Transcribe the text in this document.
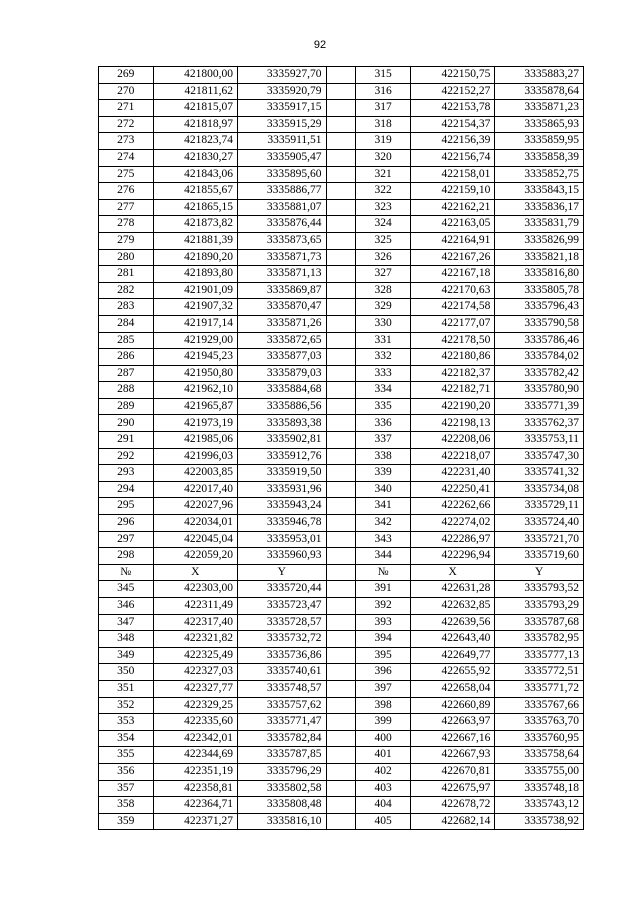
92
269	421800,00	3335927,70		315	422150,75	3335883,27
270	421811,62	3335920,79		316	422152,27	3335878,64
271	421815,07	3335917,15		317	422153,78	3335871,23
272	421818,97	3335915,29		318	422154,37	3335865,93
273	421823,74	3335911,51		319	422156,39	3335859,95
274	421830,27	3335905,47		320	422156,74	3335858,39
275	421843,06	3335895,60		321	422158,01	3335852,75
276	421855,67	3335886,77		322	422159,10	3335843,15
277	421865,15	3335881,07		323	422162,21	3335836,17
278	421873,82	3335876,44		324	422163,05	3335831,79
279	421881,39	3335873,65		325	422164,91	3335826,99
280	421890,20	3335871,73		326	422167,26	3335821,18
281	421893,80	3335871,13		327	422167,18	3335816,80
282	421901,09	3335869,87		328	422170,63	3335805,78
283	421907,32	3335870,47		329	422174,58	3335796,43
284	421917,14	3335871,26		330	422177,07	3335790,58
285	421929,00	3335872,65		331	422178,50	3335786,46
286	421945,23	3335877,03		332	422180,86	3335784,02
287	421950,80	3335879,03		333	422182,37	3335782,42
288	421962,10	3335884,68		334	422182,71	3335780,90
289	421965,87	3335886,56		335	422190,20	3335771,39
290	421973,19	3335893,38		336	422198,13	3335762,37
291	421985,06	3335902,81		337	422208,06	3335753,11
292	421996,03	3335912,76		338	422218,07	3335747,30
293	422003,85	3335919,50		339	422231,40	3335741,32
294	422017,40	3335931,96		340	422250,41	3335734,08
295	422027,96	3335943,24		341	422262,66	3335729,11
296	422034,01	3335946,78		342	422274,02	3335724,40
297	422045,04	3335953,01		343	422286,97	3335721,70
298	422059,20	3335960,93		344	422296,94	3335719,60
№	X	Y		№	X	Y
345	422303,00	3335720,44		391	422631,28	3335793,52
346	422311,49	3335723,47		392	422632,85	3335793,29
347	422317,40	3335728,57		393	422639,56	3335787,68
348	422321,82	3335732,72		394	422643,40	3335782,95
349	422325,49	3335736,86		395	422649,77	3335777,13
350	422327,03	3335740,61		396	422655,92	3335772,51
351	422327,77	3335748,57		397	422658,04	3335771,72
352	422329,25	3335757,62		398	422660,89	3335767,66
353	422335,60	3335771,47		399	422663,97	3335763,70
354	422342,01	3335782,84		400	422667,16	3335760,95
355	422344,69	3335787,85		401	422667,93	3335758,64
356	422351,19	3335796,29		402	422670,81	3335755,00
357	422358,81	3335802,58		403	422675,97	3335748,18
358	422364,71	3335808,48		404	422678,72	3335743,12
359	422371,27	3335816,10		405	422682,14	3335738,92
